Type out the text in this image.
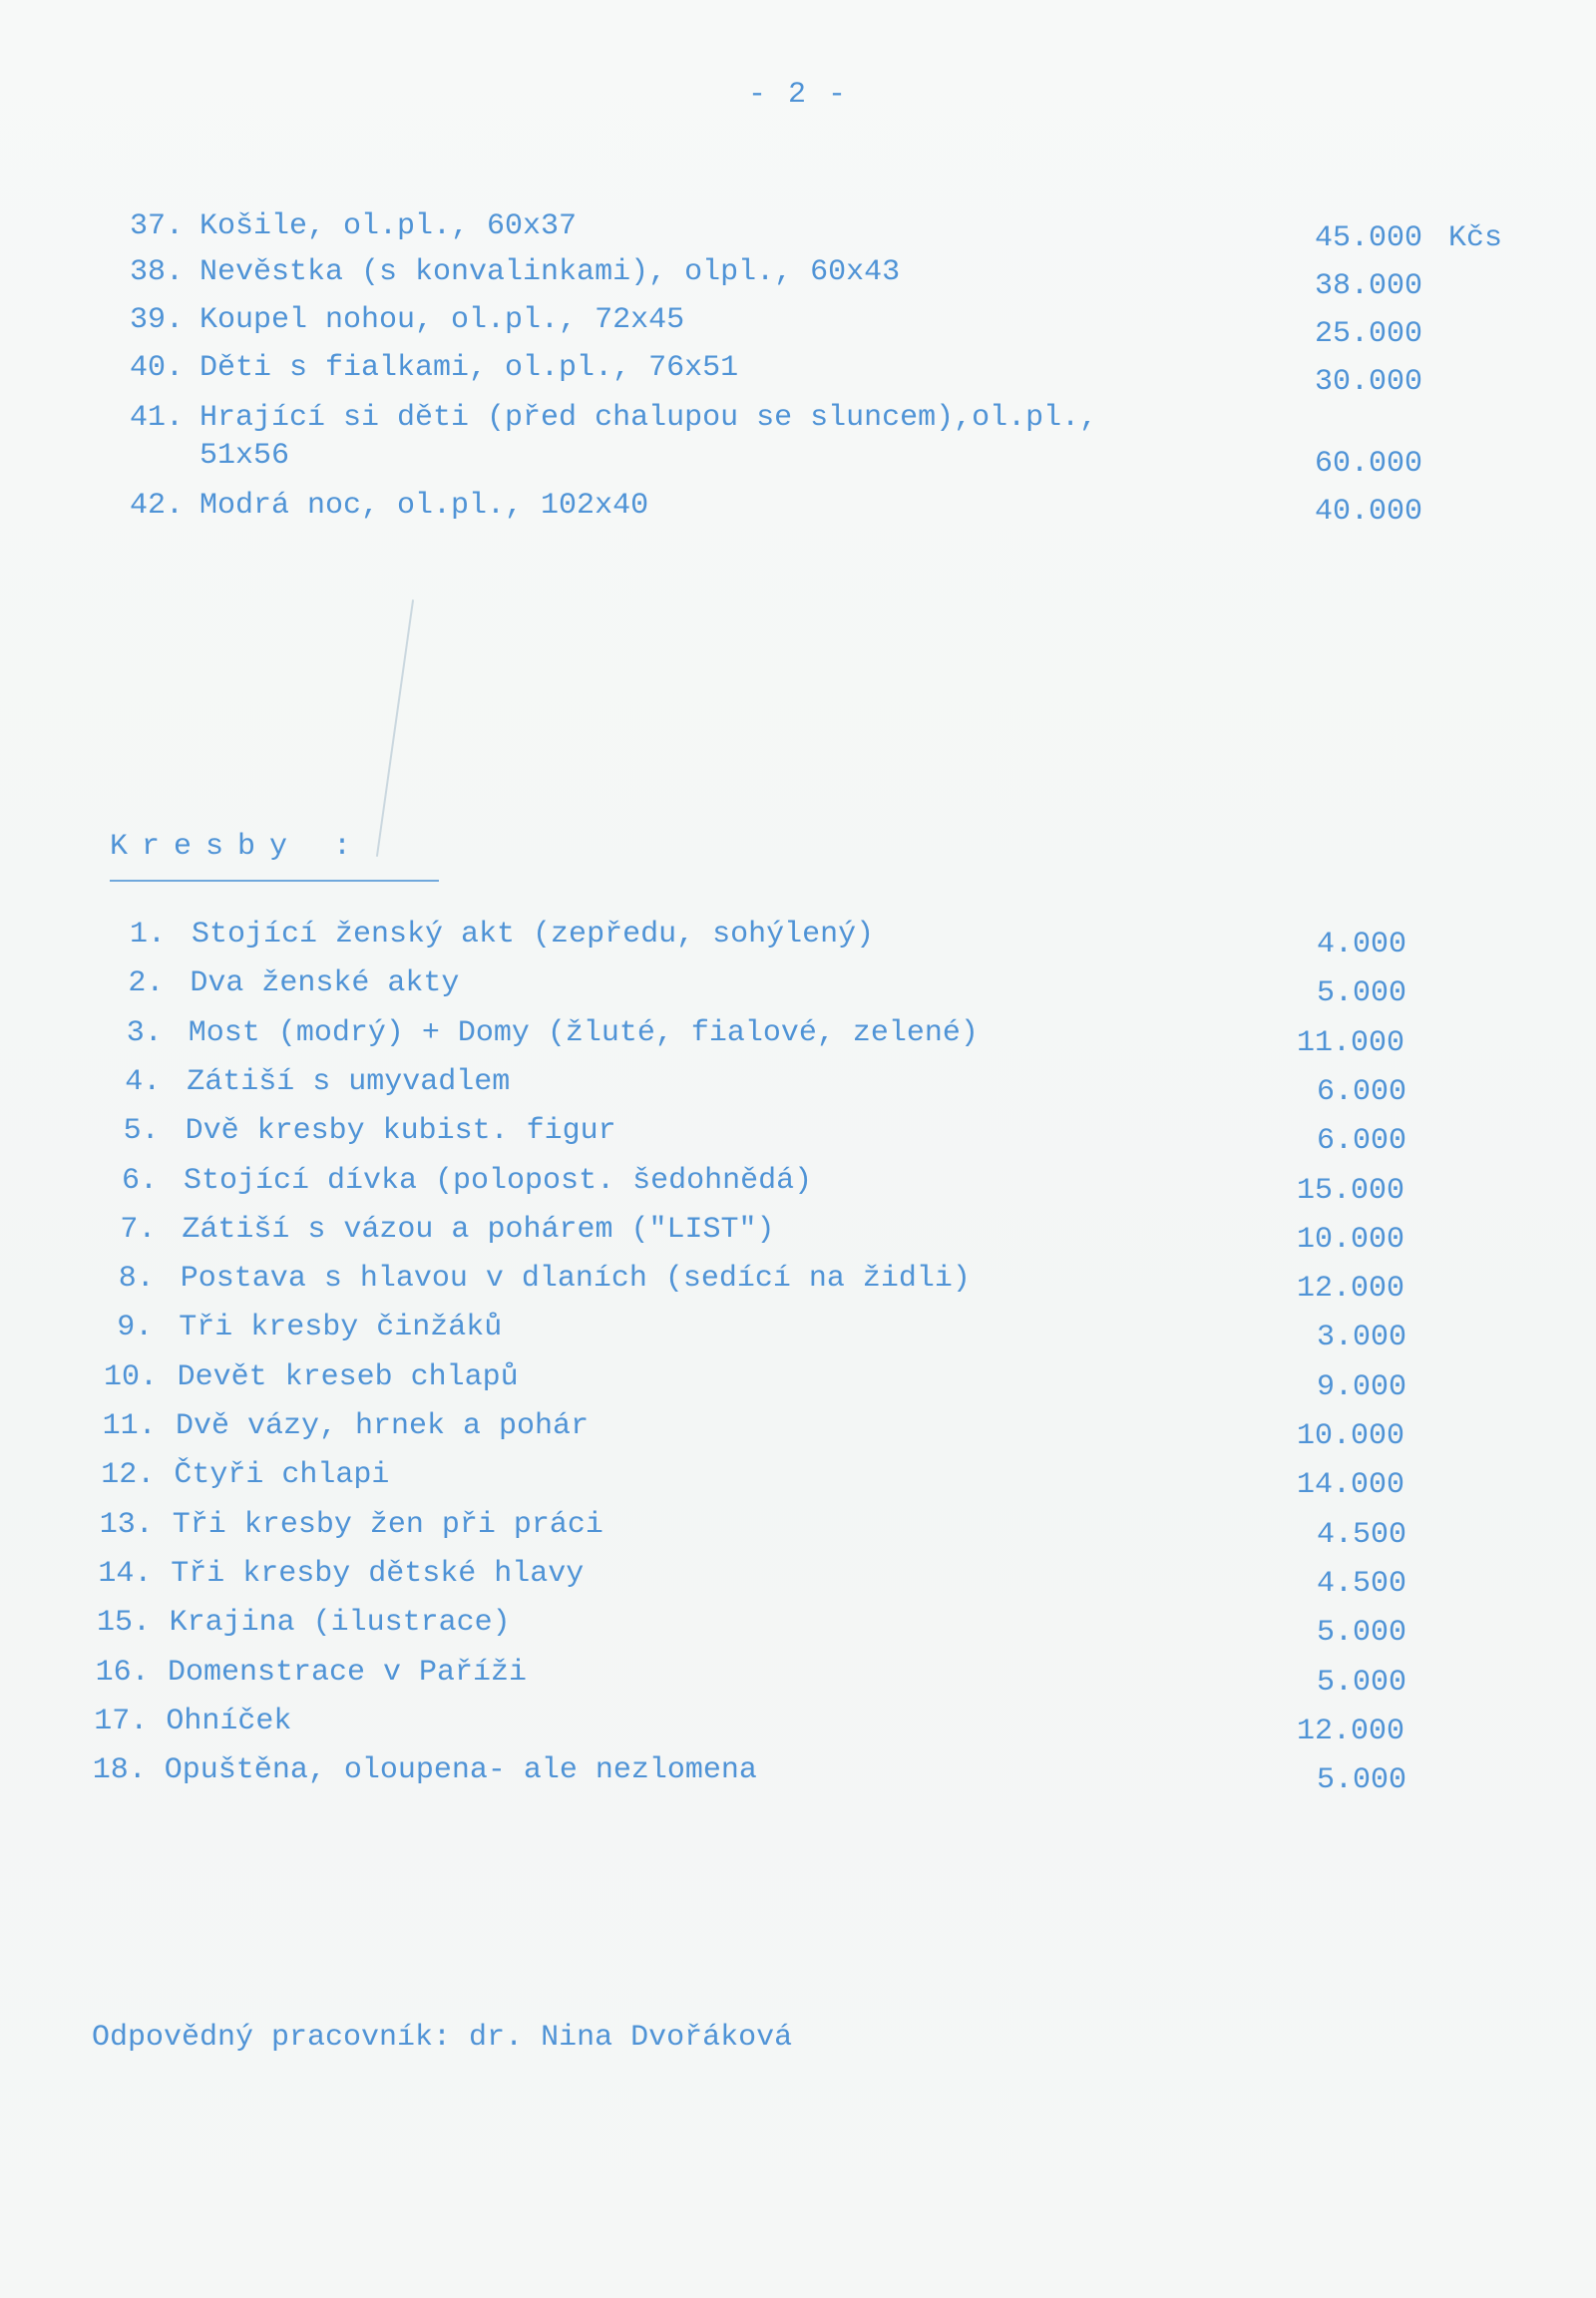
- 2 -
37. Košile, ol.pl., 60x37	45.000 Kčs
38. Nevěstka (s konvalinkami), olpl., 60x43	38.000
39. Koupel nohou, ol.pl., 72x45	25.000
40. Děti s fialkami, ol.pl., 76x51	30.000
41. Hrající si děti (před chalupou se sluncem),ol.pl.,
51x56	60.000
42. Modrá noc, ol.pl., 102x40	40.000
Kresby :
1. Stojící ženský akt (zepředu, sohýlený)	4.000
2. Dva ženské akty	5.000
3. Most (modrý) + Domy (žluté, fialové, zelené)	11.000
4. Zátiší s umyvadlem	6.000
5. Dvě kresby kubist. figur	6.000
6. Stojící dívka (polopost. šedohnědá)	15.000
7. Zátiší s vázou a pohárem ("LIST")	10.000
8. Postava s hlavou v dlaních (sedící na židli)	12.000
9. Tři kresby činžáků	3.000
10. Devět kreseb chlapů	9.000
11. Dvě vázy, hrnek a pohár	10.000
12. Čtyři chlapi	14.000
13. Tři kresby žen při práci	4.500
14. Tři kresby dětské hlavy	4.500
15. Krajina (ilustrace)	5.000
16. Domenstrace v Paříži	5.000
17. Ohníček	12.000
18. Opuštěna, oloupena- ale nezlomena	5.000
Odpovědný pracovník: dr. Nina Dvořáková
